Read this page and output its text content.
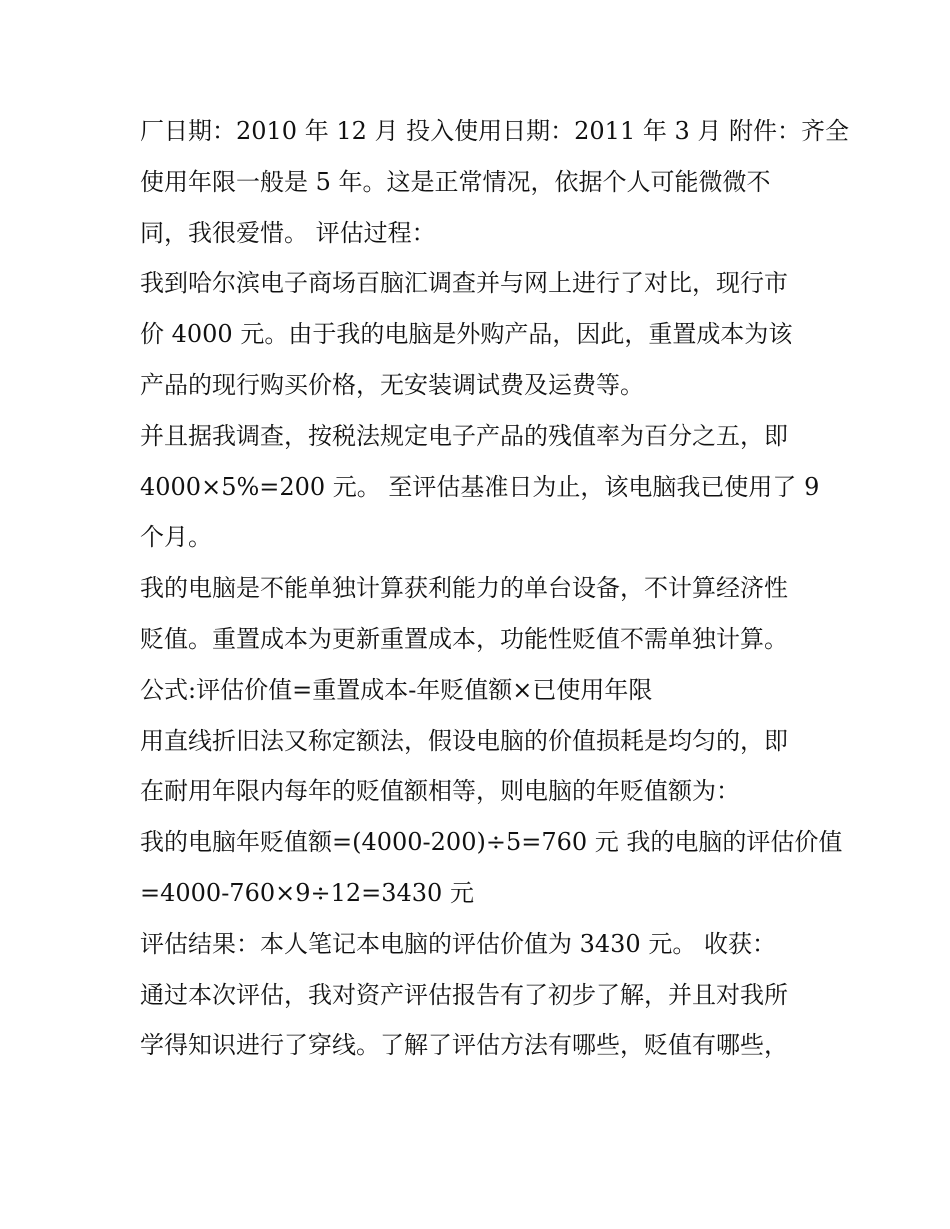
厂日期：2010 年 12 月 投入使用日期：2011 年 3 月 附件：齐全
使用年限一般是 5 年。这是正常情况，依据个人可能微微不
同，我很爱惜。 评估过程：
我到哈尔滨电子商场百脑汇调查并与网上进行了对比，现行市
价 4000 元。由于我的电脑是外购产品，因此，重置成本为该
产品的现行购买价格，无安装调试费及运费等。
并且据我调查，按税法规定电子产品的残值率为百分之五，即
4000×5%=200 元。 至评估基准日为止，该电脑我已使用了 9
个月。
我的电脑是不能单独计算获利能力的单台设备，不计算经济性
贬值。重置成本为更新重置成本，功能性贬值不需单独计算。
公式:评估价值=重置成本-年贬值额×已使用年限
用直线折旧法又称定额法，假设电脑的价值损耗是均匀的，即
在耐用年限内每年的贬值额相等，则电脑的年贬值额为：
我的电脑年贬值额=(4000-200)÷5=760 元 我的电脑的评估价值
=4000-760×9÷12=3430 元
评估结果：本人笔记本电脑的评估价值为 3430 元。 收获：
通过本次评估，我对资产评估报告有了初步了解，并且对我所
学得知识进行了穿线。了解了评估方法有哪些，贬值有哪些，
